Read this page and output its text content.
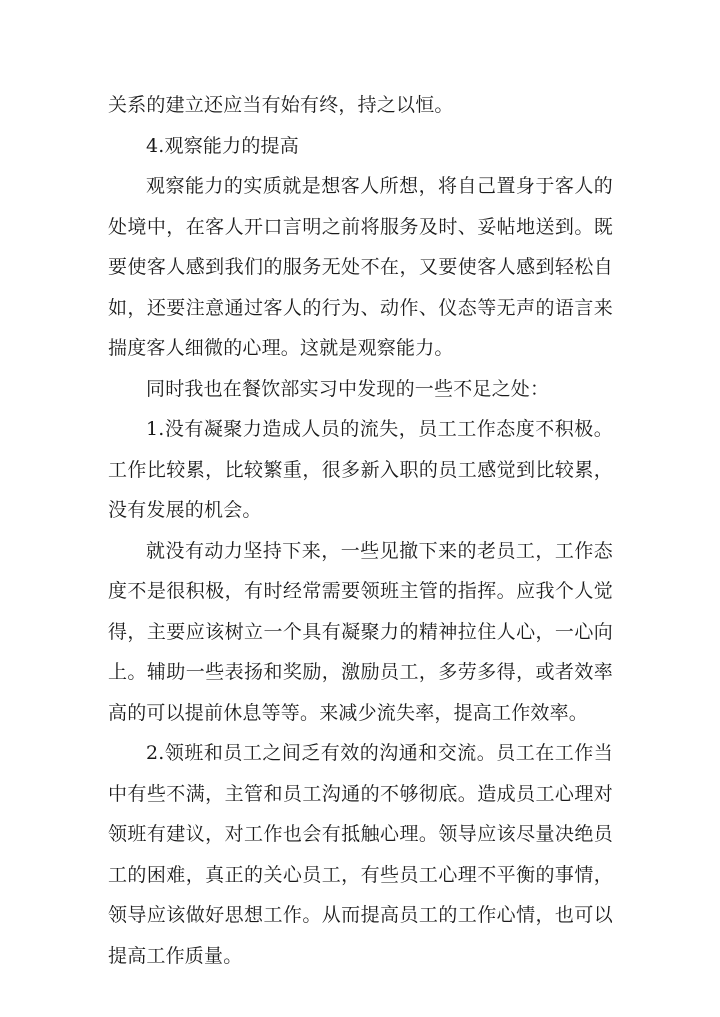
关系的建立还应当有始有终，持之以恒。

4.观察能力的提高

观察能力的实质就是想客人所想，将自己置身于客人的处境中，在客人开口言明之前将服务及时、妥帖地送到。既要使客人感到我们的服务无处不在，又要使客人感到轻松自如，还要注意通过客人的行为、动作、仪态等无声的语言来揣度客人细微的心理。这就是观察能力。

同时我也在餐饮部实习中发现的一些不足之处：

1.没有凝聚力造成人员的流失，员工工作态度不积极。工作比较累，比较繁重，很多新入职的员工感觉到比较累，没有发展的机会。

就没有动力坚持下来，一些见撤下来的老员工，工作态度不是很积极，有时经常需要领班主管的指挥。应我个人觉得，主要应该树立一个具有凝聚力的精神拉住人心，一心向上。辅助一些表扬和奖励，激励员工，多劳多得，或者效率高的可以提前休息等等。来减少流失率，提高工作效率。

2.领班和员工之间乏有效的沟通和交流。员工在工作当中有些不满，主管和员工沟通的不够彻底。造成员工心理对领班有建议，对工作也会有抵触心理。领导应该尽量决绝员工的困难，真正的关心员工，有些员工心理不平衡的事情，领导应该做好思想工作。从而提高员工的工作心情，也可以提高工作质量。
